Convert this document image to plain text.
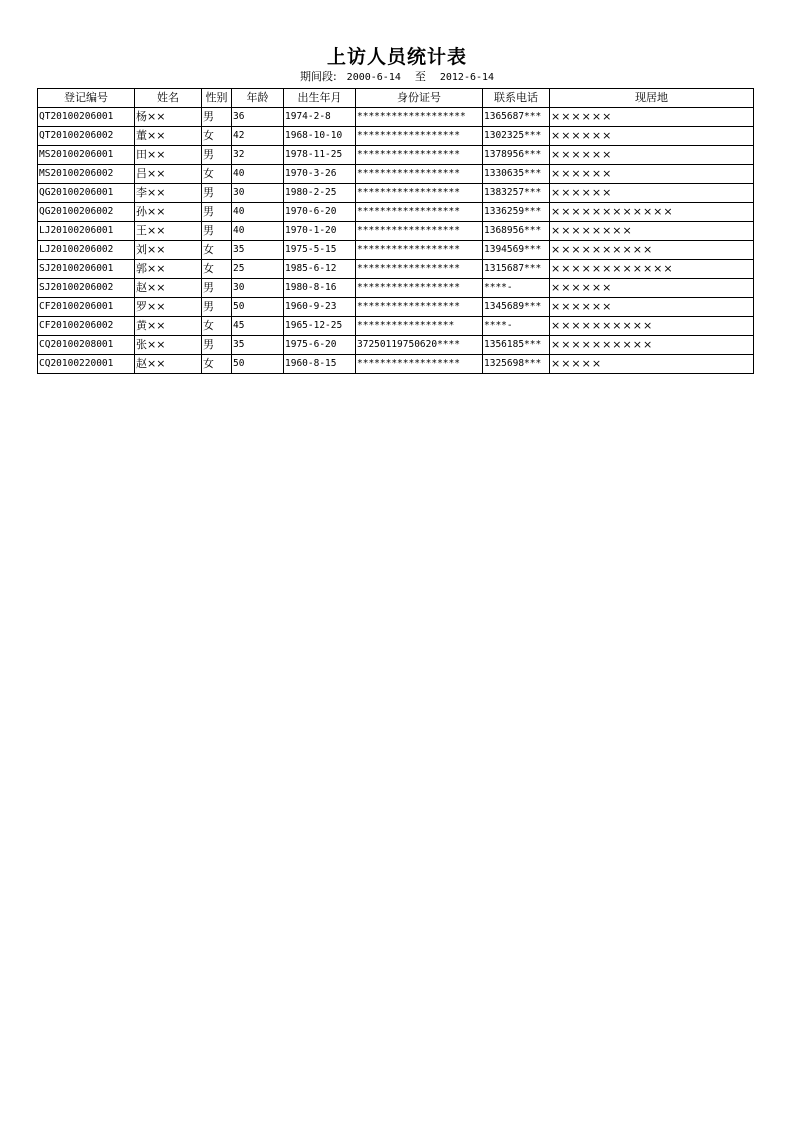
上访人员统计表
期间段: 2000-6-14 至 2012-6-14
登记编号	姓名	性别	年龄	出生年月	身份证号	联系电话	现居地
QT20100206001	杨××	男	36	1974-2-8	*******************	1365687***	××××××
QT20100206002	董××	女	42	1968-10-10	******************	1302325***	××××××
MS20100206001	田××	男	32	1978-11-25	******************	1378956***	××××××
MS20100206002	吕××	女	40	1970-3-26	******************	1330635***	××××××
QG20100206001	李××	男	30	1980-2-25	******************	1383257***	××××××
QG20100206002	孙××	男	40	1970-6-20	******************	1336259***	××××××××××××
LJ20100206001	王××	男	40	1970-1-20	******************	1368956***	××××××××
LJ20100206002	刘××	女	35	1975-5-15	******************	1394569***	××××××××××
SJ20100206001	郭××	女	25	1985-6-12	******************	1315687***	××××××××××××
SJ20100206002	赵××	男	30	1980-8-16	******************	****-	××××××
CF20100206001	罗××	男	50	1960-9-23	******************	1345689***	××××××
CF20100206002	黄××	女	45	1965-12-25	*****************	****-	××××××××××
CQ20100208001	张××	男	35	1975-6-20	37250119750620****	1356185***	××××××××××
CQ20100220001	赵××	女	50	1960-8-15	******************	1325698***	×××××
